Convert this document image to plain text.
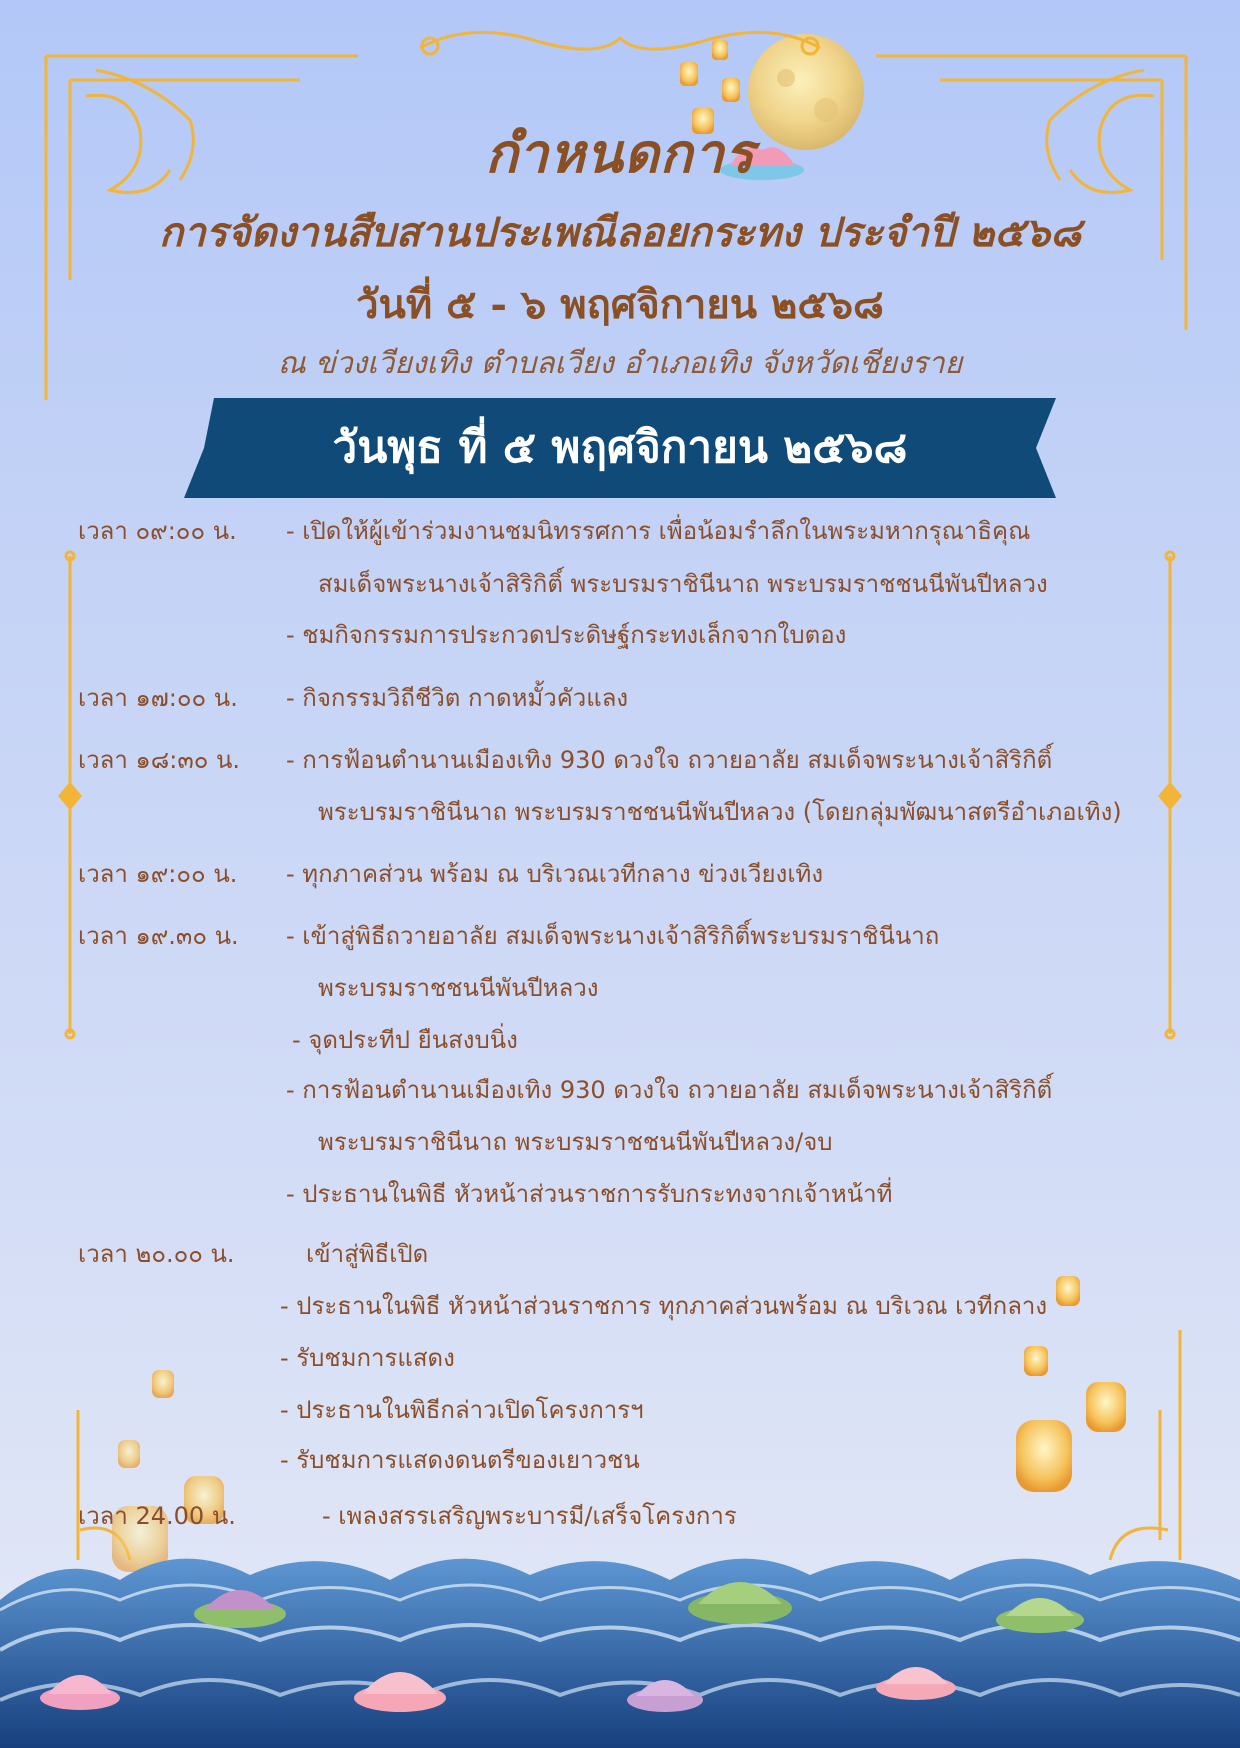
กำหนดการ
การจัดงานสืบสานประเพณีลอยกระทง ประจำปี ๒๕๖๘
วันที่ ๕ - ๖ พฤศจิกายน ๒๕๖๘
ณ ข่วงเวียงเทิง ตำบลเวียง อำเภอเทิง จังหวัดเชียงราย
วันพุธ ที่ ๕ พฤศจิกายน ๒๕๖๘
เวลา ๐๙:๐๐ น. - เปิดให้ผู้เข้าร่วมงานชมนิทรรศการ เพื่อน้อมรำลึกในพระมหากรุณาธิคุณ
สมเด็จพระนางเจ้าสิริกิติ์ พระบรมราชินีนาถ พระบรมราชชนนีพันปีหลวง
- ชมกิจกรรมการประกวดประดิษฐ์กระทงเล็กจากใบตอง
เวลา ๑๗:๐๐ น. - กิจกรรมวิถีชีวิต กาดหมั้วคัวแลง
เวลา ๑๘:๓๐ น. - การฟ้อนตำนานเมืองเทิง 930 ดวงใจ ถวายอาลัย สมเด็จพระนางเจ้าสิริกิติ์
พระบรมราชินีนาถ พระบรมราชชนนีพันปีหลวง (โดยกลุ่มพัฒนาสตรีอำเภอเทิง)
เวลา ๑๙:๐๐ น. - ทุกภาคส่วน พร้อม ณ บริเวณเวทีกลาง ข่วงเวียงเทิง
เวลา ๑๙.๓๐ น. - เข้าสู่พิธีถวายอาลัย สมเด็จพระนางเจ้าสิริกิติ์พระบรมราชินีนาถ
พระบรมราชชนนีพันปีหลวง
- จุดประทีป ยืนสงบนิ่ง
- การฟ้อนตำนานเมืองเทิง 930 ดวงใจ ถวายอาลัย สมเด็จพระนางเจ้าสิริกิติ์
พระบรมราชินีนาถ พระบรมราชชนนีพันปีหลวง/จบ
- ประธานในพิธี หัวหน้าส่วนราชการรับกระทงจากเจ้าหน้าที่
เวลา ๒๐.๐๐ น.	เข้าสู่พิธีเปิด
- ประธานในพิธี หัวหน้าส่วนราชการ ทุกภาคส่วนพร้อม ณ บริเวณ เวทีกลาง
- รับชมการแสดง
- ประธานในพิธีกล่าวเปิดโครงการฯ
- รับชมการแสดงดนตรีของเยาวชน
เวลา 24.00 น.	- เพลงสรรเสริญพระบารมี/เสร็จโครงการ
